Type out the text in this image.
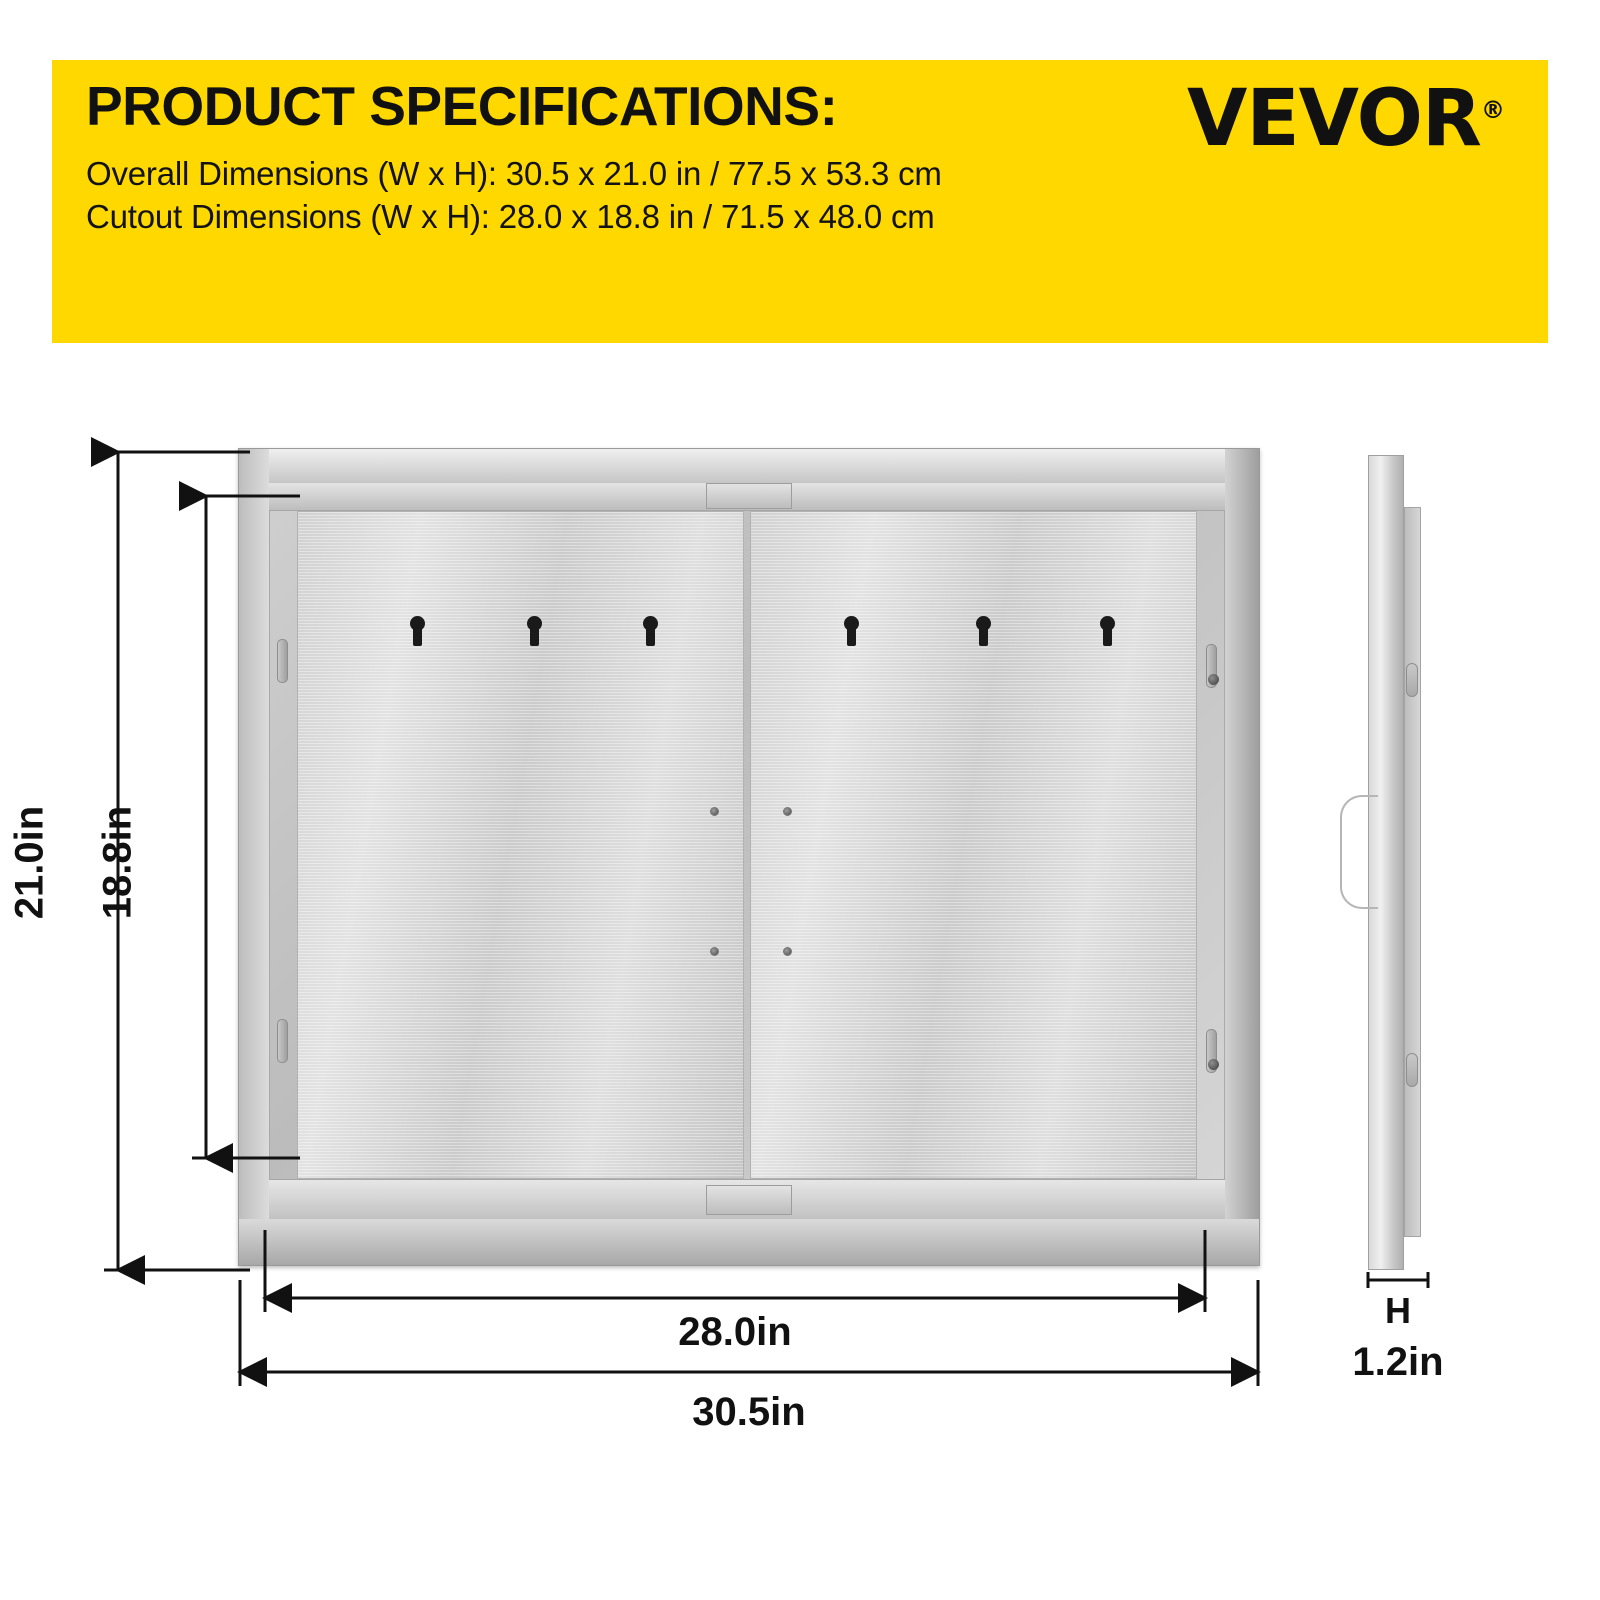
PRODUCT SPECIFICATIONS:	VEVOR®

Overall Dimensions (W x H): 30.5 x 21.0 in / 77.5 x 53.3 cm

Cutout Dimensions (W x H): 28.0 x 18.8 in / 71.5 x 48.0 cm

21.0in 18.8in
28.0in
30.5in
H
1.2in
